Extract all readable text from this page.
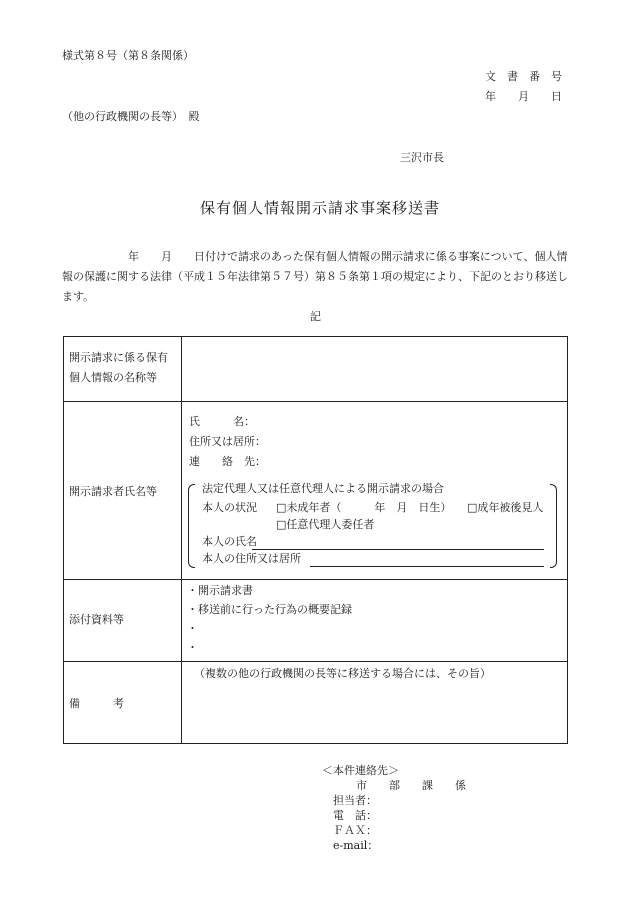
様式第８号（第８条関係）
文　書　番　号
年　　月　　日
（他の行政機関の長等）　殿
三沢市長
保有個人情報開示請求事案移送書
　　　　　　年　　月　　日付けで請求のあった保有個人情報の開示請求に係る事案について、個人情報の保護に関する法律（平成１５年法律第５７号）第８５条第１項の規定により、下記のとおり移送します。
記
開示請求に係る保有
個人情報の名称等
開示請求者氏名等
氏　　　名：
住所又は居所：
連　　絡　先：
法定代理人又は任意代理人による開示請求の場合
本人の状況 □未成年者（　　　年　月　日生） □成年被後見人
□任意代理人委任者
本人の氏名
本人の住所又は居所
添付資料等
・開示請求書
・移送前に行った行為の概要記録
・
・
備　　　考
（複数の他の行政機関の長等に移送する場合には、その旨）
＜本件連絡先＞
市　　部　　課　　係
担当者：
電　話：
ＦＡＸ：
e-mail：
